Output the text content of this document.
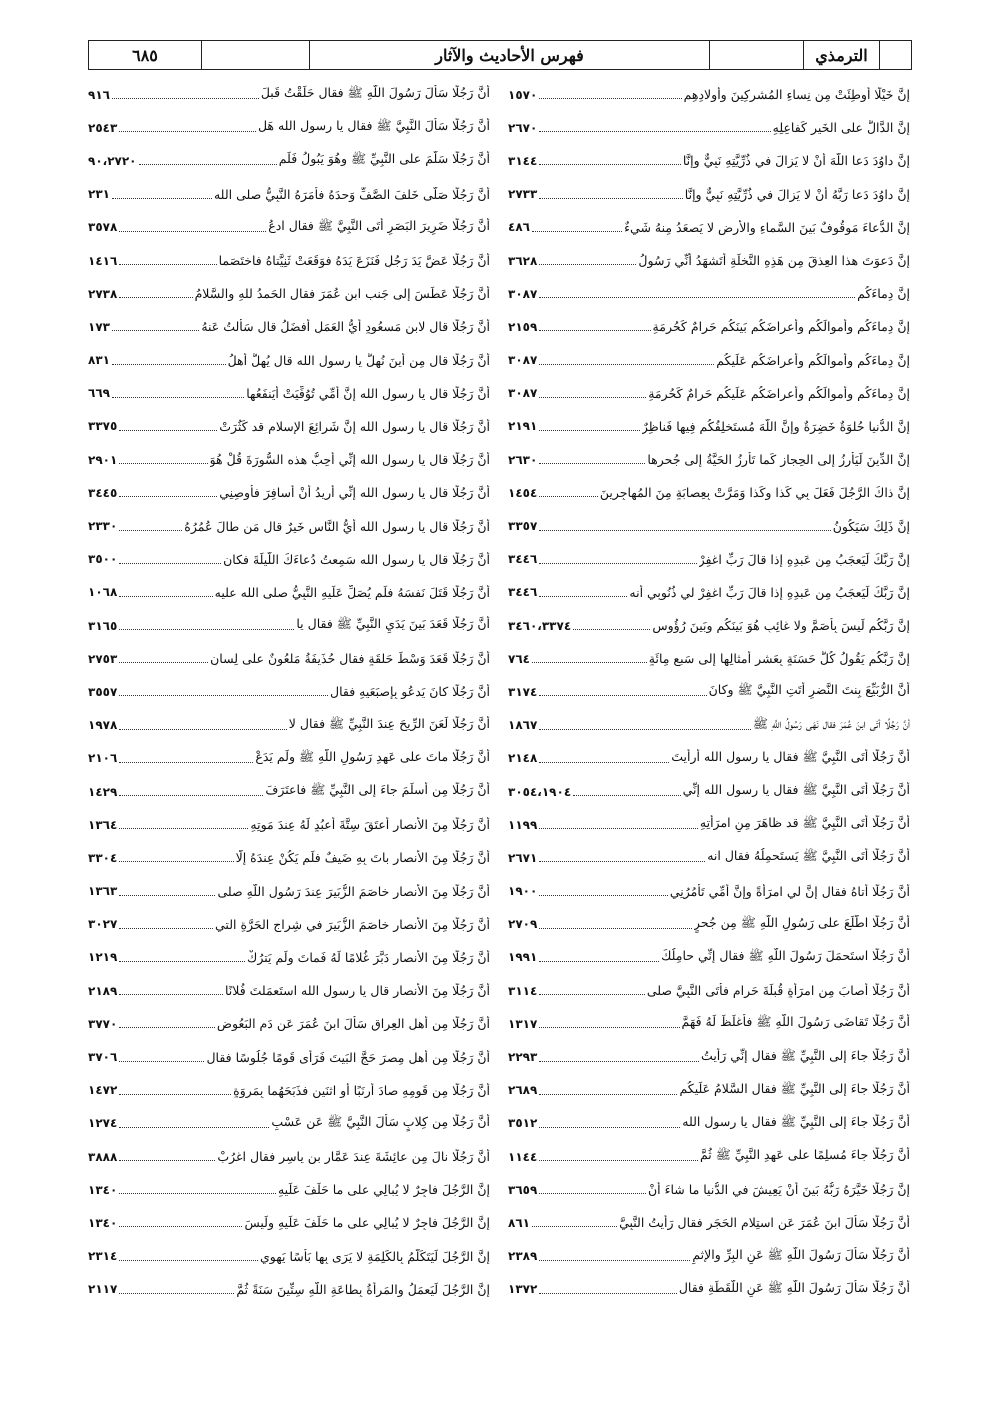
٦٨٥	فهرس الأحاديث والآثار	الترمذي
إنَّ خَيْلًا أُوطِئَتْ مِن نِساءِ المُشركِينَ وأَولادِهِم
١٥٧٠
إنَّ الدَّالَّ على الخَيرِ كَفاعِلِهِ
٢٦٧٠
إنَّ داوُدَ دَعا اللَّهَ أنْ لا يَزالَ في ذُرِّيَّتِهِ نَبِيٌّ وإنَّا
٣١٤٤
إنَّ داوُدَ دَعا رَبَّهُ أنْ لا يَزالَ في ذُرِّيَّتِهِ نَبِيٌّ وإنَّا
٢٧٣٣
إنَّ الدُّعاءَ مَوقُوفٌ بَينَ السَّماءِ والأرضِ لا يَصعَدُ مِنهُ شَيءٌ
٤٨٦
إنَّ دَعوَتَ هذا العِذقَ مِن هَذِهِ النَّخلَةِ أتَشهَدُ أنِّي رَسُولُ
٣٦٢٨
إنَّ دِماءَكُم
٣٠٨٧
إنَّ دِماءَكُم وأَموالَكُم وأَعراضَكُم بَينَكُم حَرامٌ كَحُرمَةِ
٢١٥٩
إنَّ دِماءَكُم وأَموالَكُم وأَعراضَكُم عَلَيكُم
٣٠٨٧
إنَّ دِماءَكُم وأَموالَكُم وأَعراضَكُم عَلَيكُم حَرامٌ كَحُرمَةِ
٣٠٨٧
إنَّ الدُّنيا حُلوَةٌ خَضِرَةٌ وإنَّ اللَّهَ مُستَخلِفُكُم فِيها فَناظِرٌ
٢١٩١
إنَّ الدِّينَ لَيَأرِزُ إلى الحِجازِ كَما تَأرِزُ الحَيَّةُ إلى جُحرِها
٢٦٣٠
إنَّ ذاكَ الرَّجُلَ فَعَلَ بِي كَذا وكَذا وَمَرَّتْ بِعِصابَةٍ مِنَ المُهاجِرِينَ
١٤٥٤
إنَّ ذَلِكَ سَيَكُونُ
٣٣٥٧
إنَّ رَبَّكَ لَيَعجَبُ مِن عَبدِهِ إذا قالَ رَبِّ اغفِرْ
٣٤٤٦
إنَّ رَبَّكَ لَيَعجَبُ مِن عَبدِهِ إذا قالَ رَبِّ اغفِرْ لي ذُنُوبِي أنه
٣٤٤٦
إنَّ رَبَّكُم لَيسَ بِأَصَمَّ ولا غائِبٍ هُوَ بَينَكُم وبَينَ رُؤُوسِ
٣٤٦٠،٣٣٧٤
إنَّ رَبَّكُم يَقُولُ كُلُّ حَسَنَةٍ بِعَشرِ أمثالِها إلى سَبعِ مِائَةٍ
٧٦٤
أنَّ الرُّبَيِّعَ بِنتَ النَّضرِ أتَتِ النَّبِيَّ ﷺ وكانَ
٣١٧٤
أنَّ رَجُلًا أتَى ابنَ عُمَرَ فقال نَهَى رَسُولُ اللَّهِ ﷺ
١٨٦٧
أنَّ رَجُلًا أتَى النَّبِيَّ ﷺ فقال يا رسول الله أرأيتَ
٢١٤٨
أنَّ رَجُلًا أتَى النَّبِيَّ ﷺ فقال يا رسول الله إنِّي
٣٠٥٤،١٩٠٤
أنَّ رَجُلًا أتَى النَّبِيَّ ﷺ قد ظاهَرَ مِنِ امرَأتِهِ
١١٩٩
أنَّ رَجُلًا أتَى النَّبِيَّ ﷺ يَستَحمِلُهُ فقال انه
٢٦٧١
أنَّ رَجُلًا أتاهُ فقال إنَّ لي امرَأةً وإنَّ أُمِّي تَأمُرُنِي
١٩٠٠
أنَّ رَجُلًا اطَّلَعَ على رَسُولِ اللَّهِ ﷺ مِن جُحرٍ
٢٧٠٩
أنَّ رَجُلًا استَحمَلَ رَسُولَ اللَّهِ ﷺ فقال إنِّي حامِلُكَ
١٩٩١
أنَّ رَجُلًا أصابَ مِنِ امرَأةٍ قُبلَةَ حَرامٍ فأتَى النَّبِيَّ صلى
٣١١٤
أنَّ رَجُلًا تَقاضَى رَسُولَ اللَّهِ ﷺ فأغلَظَ لَهُ فَهَمَّ
١٣١٧
أنَّ رَجُلًا جاءَ إلى النَّبِيِّ ﷺ فقال إنِّي رَأيتُ
٢٢٩٣
أنَّ رَجُلًا جاءَ إلى النَّبِيِّ ﷺ فقال السَّلامُ عَلَيكُم
٢٦٨٩
أنَّ رَجُلًا جاءَ إلى النَّبِيِّ ﷺ فقال يا رسول الله
٣٥١٢
أنَّ رَجُلًا جاءَ مُسلِمًا على عَهدِ النَّبِيِّ ﷺ ثُمَّ
١١٤٤
إنَّ رَجُلًا خَيَّرَهُ رَبُّهُ بَينَ أنْ يَعِيشَ في الدُّنيا ما شاءَ أنْ
٣٦٥٩
أنَّ رَجُلًا سَأَلَ ابنَ عُمَرَ عَنِ استِلامِ الحَجَرِ فقال رَأيتُ النَّبِيَّ
٨٦١
أنَّ رَجُلًا سَأَلَ رَسُولَ اللَّهِ ﷺ عَنِ البِرِّ والإثمِ
٢٣٨٩
أنَّ رَجُلًا سَأَلَ رَسُولَ اللَّهِ ﷺ عَنِ اللُّقَطَةِ فقال
١٣٧٢
أنَّ رَجُلًا سَأَلَ رَسُولَ اللَّهِ ﷺ فقال حَلَقْتُ قَبلَ
٩١٦
أنَّ رَجُلًا سَأَلَ النَّبِيَّ ﷺ فقال يا رسول الله هَل
٢٥٤٣
أنَّ رَجُلًا سَلَّمَ على النَّبِيِّ ﷺ وهُوَ يَبُولُ فَلَم
٩٠،٢٧٢٠
أنَّ رَجُلًا صَلَّى خَلفَ الصَّفِّ وَحدَهُ فأمَرَهُ النَّبِيُّ صلى الله
٢٣١
أنَّ رَجُلًا ضَرِيرَ البَصَرِ أتَى النَّبِيَّ ﷺ فقال ادعُ
٣٥٧٨
أنَّ رَجُلًا عَضَّ يَدَ رَجُلٍ فَنَزَعَ يَدَهُ فوَقَعَتْ ثَنِيَّتاهُ فاختَصَما
١٤١٦
أنَّ رَجُلًا عَطَسَ إلى جَنبِ ابنِ عُمَرَ فقال الحَمدُ للهِ والسَّلامُ
٢٧٣٨
أنَّ رَجُلًا قال لابنِ مَسعُودٍ أيُّ العَمَلِ أفضَلُ قال سَألتُ عَنهُ
١٧٣
أنَّ رَجُلًا قال مِن أينَ نُهِلُّ يا رسول الله قال يُهِلُّ أهلُ
٨٣١
أنَّ رَجُلًا قال يا رسول الله إنَّ أُمِّي تُوُفِّيَتْ أيَنفَعُها
٦٦٩
أنَّ رَجُلًا قال يا رسول الله إنَّ شَرائِعَ الإسلامِ قد كَثُرَتْ
٣٣٧٥
أنَّ رَجُلًا قال يا رسول الله إنِّي أُحِبُّ هذه السُّورَةَ قُلْ هُوَ
٢٩٠١
أنَّ رَجُلًا قال يا رسول الله إنِّي أُرِيدُ أنْ أُسافِرَ فأوصِنِي
٣٤٤٥
أنَّ رَجُلًا قال يا رسول الله أيُّ النَّاسِ خَيرٌ قال مَن طالَ عُمُرُهُ
٢٣٣٠
أنَّ رَجُلًا قال يا رسول الله سَمِعتُ دُعاءَكَ اللَّيلَةَ فكان
٣٥٠٠
أنَّ رَجُلًا قَتَلَ نَفسَهُ فلَم يُصَلِّ عَلَيهِ النَّبِيُّ صلى الله عليه
١٠٦٨
أنَّ رَجُلًا قَعَدَ بَينَ يَدَيِ النَّبِيِّ ﷺ فقال يا
٣١٦٥
أنَّ رَجُلًا قَعَدَ وَسْطَ حَلقَةٍ فقال حُذَيفَةُ مَلعُونٌ على لِسانِ
٢٧٥٣
أنَّ رَجُلًا كانَ يَدعُو بِإصبَعَيهِ فقال
٣٥٥٧
أنَّ رَجُلًا لَعَنَ الرِّيحَ عِندَ النَّبِيِّ ﷺ فقال لا
١٩٧٨
أنَّ رَجُلًا ماتَ على عَهدِ رَسُولِ اللَّهِ ﷺ ولَم يَدَعْ
٢١٠٦
أنَّ رَجُلًا مِن أسلَمَ جاءَ إلى النَّبِيِّ ﷺ فاعتَرَفَ
١٤٢٩
أنَّ رَجُلًا مِنَ الأنصارِ أعتَقَ سِتَّةَ أعبُدٍ لَهُ عِندَ مَوتِهِ
١٣٦٤
أنَّ رَجُلًا مِنَ الأنصارِ باتَ بِهِ ضَيفٌ فلَم يَكُنْ عِندَهُ إلَّا
٣٣٠٤
أنَّ رَجُلًا مِنَ الأنصارِ خاصَمَ الزُّبَيرَ عِندَ رَسُولِ اللَّهِ صلى
١٣٦٣
أنَّ رَجُلًا مِنَ الأنصارِ خاصَمَ الزُّبَيرَ في شِراجِ الحَرَّةِ التي
٣٠٢٧
أنَّ رَجُلًا مِنَ الأنصارِ دَبَّرَ غُلامًا لَهُ فَماتَ ولَم يَترُكْ
١٢١٩
أنَّ رَجُلًا مِنَ الأنصارِ قال يا رسول الله استَعمَلتَ فُلانًا
٢١٨٩
أنَّ رَجُلًا مِن أهلِ العِراقِ سَألَ ابنَ عُمَرَ عَن دَمِ البَعُوضِ
٣٧٧٠
أنَّ رَجُلًا مِن أهلِ مِصرَ حَجَّ البَيتَ فَرَأى قَومًا جُلُوسًا فقال
٣٧٠٦
أنَّ رَجُلًا مِن قَومِهِ صادَ أرنَبًا أو اثنَينِ فذَبَحَهُما بِمَروَةٍ
١٤٧٢
أنَّ رَجُلًا مِن كِلابٍ سَألَ النَّبِيَّ ﷺ عَن عَسْبِ
١٢٧٤
أنَّ رَجُلًا نالَ مِن عائِشَةَ عِندَ عَمَّارِ بنِ ياسِرٍ فقال اغرُبْ
٣٨٨٨
إنَّ الرَّجُلَ فاجِرٌ لا يُبالِي على ما حَلَفَ عَلَيهِ
١٣٤٠
إنَّ الرَّجُلَ فاجِرٌ لا يُبالِي على ما حَلَفَ عَلَيهِ ولَيسَ
١٣٤٠
إنَّ الرَّجُلَ لَيَتَكَلَّمُ بِالكَلِمَةِ لا يَرَى بِها بَأسًا يَهوِي
٢٣١٤
إنَّ الرَّجُلَ لَيَعمَلُ والمَرأةُ بِطاعَةِ اللَّهِ سِتِّينَ سَنَةً ثُمَّ
٢١١٧
